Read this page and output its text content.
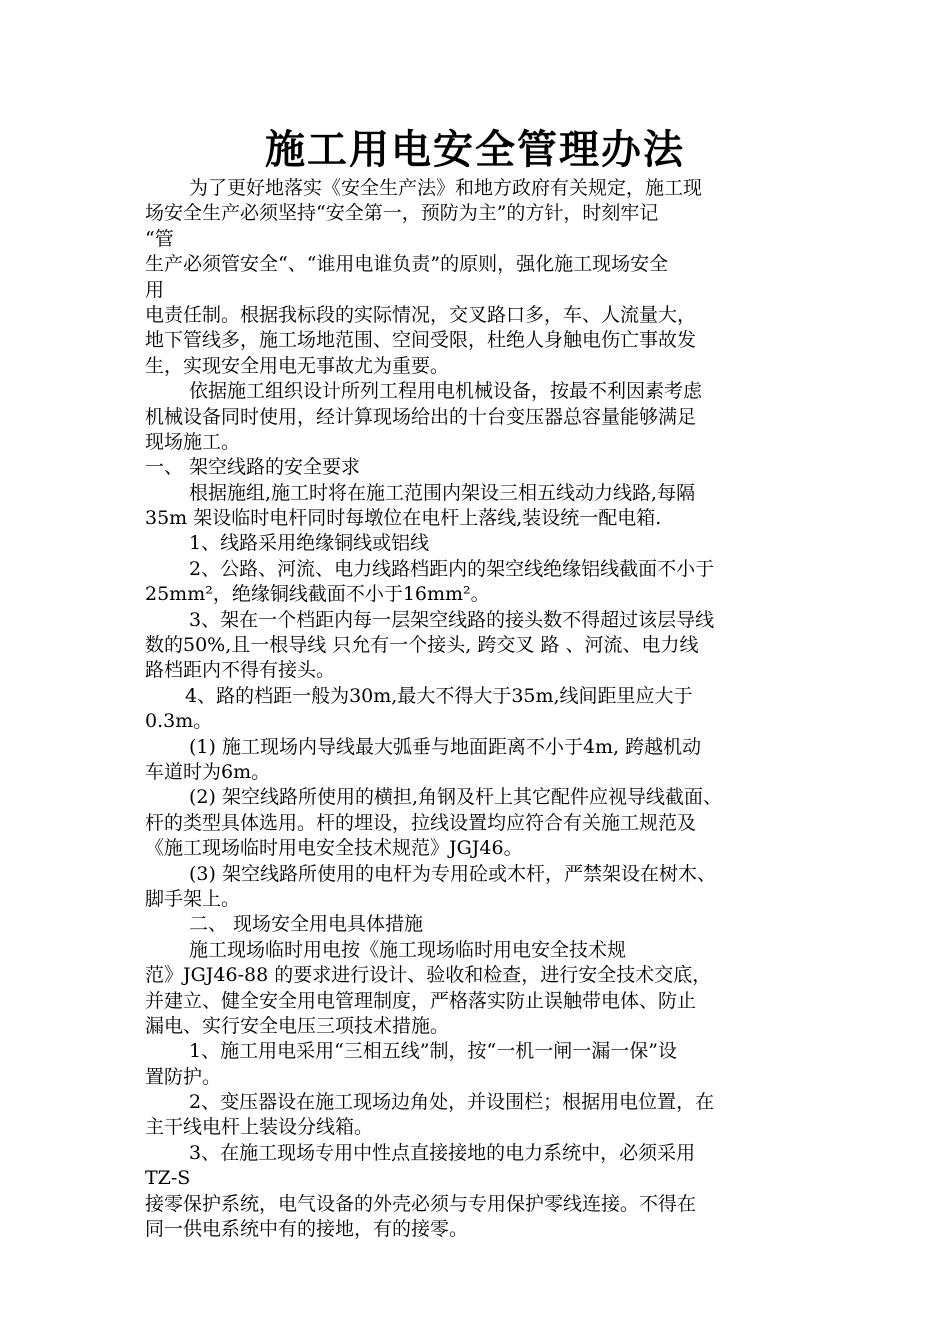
施工用电安全管理办法
为了更好地落实《安全生产法》和地方政府有关规定，施工现
场安全生产必须坚持“安全第一，预防为主”的方针，时刻牢记
“管
生产必须管安全“、“谁用电谁负责”的原则，强化施工现场安全
用
电责任制。根据我标段的实际情况，交叉路口多，车、人流量大，
地下管线多，施工场地范围、空间受限，杜绝人身触电伤亡事故发
生，实现安全用电无事故尤为重要。
依据施工组织设计所列工程用电机械设备，按最不利因素考虑
机械设备同时使用，经计算现场给出的十台变压器总容量能够满足
现场施工。
一、 架空线路的安全要求
根据施组,施工时将在施工范围内架设三相五线动力线路,每隔
35m 架设临时电杆同时每墩位在电杆上落线,装设统一配电箱.
1、线路采用绝缘铜线或铝线
2、公路、河流、电力线路档距内的架空线绝缘铝线截面不小于
25mm²，绝缘铜线截面不小于16mm²。
3、架在一个档距内每一层架空线路的接头数不得超过该层导线
数的50%,且一根导线 只允有一个接头, 跨交叉 路 、河流、电力线
路档距内不得有接头。
4、路的档距一般为30m,最大不得大于35m,线间距里应大于
0.3m。
(1) 施工现场内导线最大弧垂与地面距离不小于4m, 跨越机动
车道时为6m。
(2) 架空线路所使用的横担,角钢及杆上其它配件应视导线截面、
杆的类型具体选用。杆的埋设，拉线设置均应符合有关施工规范及
《施工现场临时用电安全技术规范》JGJ46。
(3) 架空线路所使用的电杆为专用砼或木杆，严禁架设在树木、
脚手架上。
二、 现场安全用电具体措施
施工现场临时用电按《施工现场临时用电安全技术规
范》JGJ46-88 的要求进行设计、验收和检查，进行安全技术交底，
并建立、健全安全用电管理制度，严格落实防止误触带电体、防止
漏电、实行安全电压三项技术措施。
1、施工用电采用“三相五线”制，按“一机一闸一漏一保”设
置防护。
2、变压器设在施工现场边角处，并设围栏；根据用电位置，在
主干线电杆上装设分线箱。
3、在施工现场专用中性点直接接地的电力系统中，必须采用
TZ-S
接零保护系统，电气设备的外壳必须与专用保护零线连接。不得在
同一供电系统中有的接地，有的接零。
